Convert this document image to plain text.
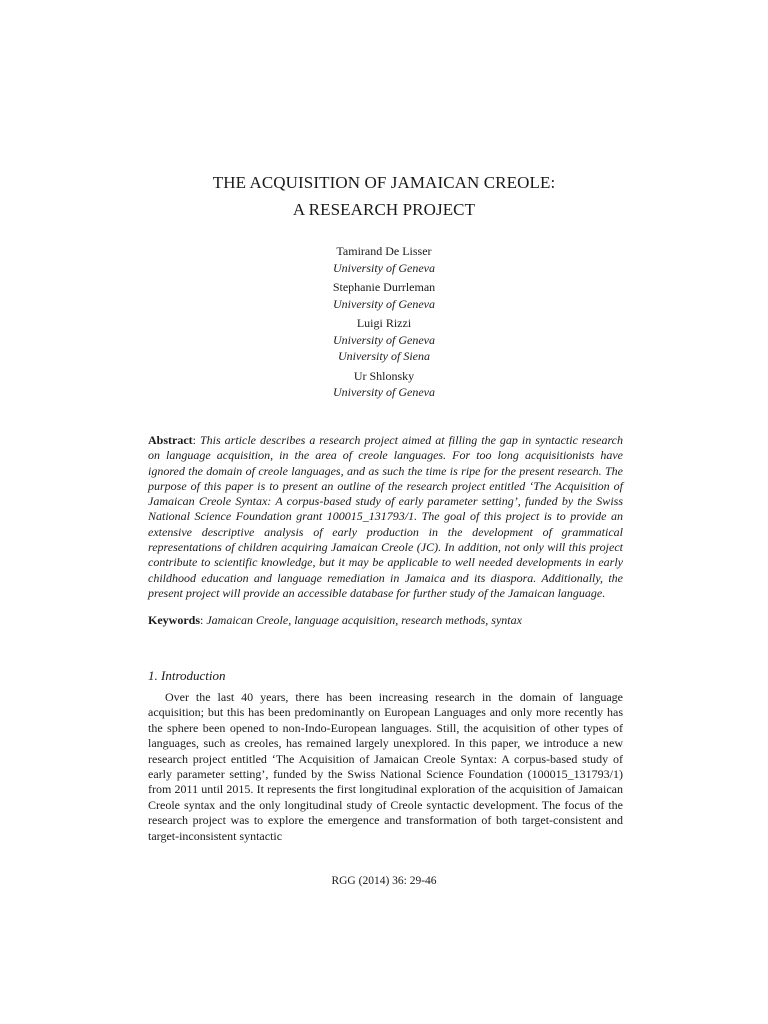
THE ACQUISITION OF JAMAICAN CREOLE:
A RESEARCH PROJECT
Tamirand De Lisser
University of Geneva
Stephanie Durrleman
University of Geneva
Luigi Rizzi
University of Geneva
University of Siena
Ur Shlonsky
University of Geneva
Abstract: This article describes a research project aimed at filling the gap in syntactic research on language acquisition, in the area of creole languages. For too long acquisitionists have ignored the domain of creole languages, and as such the time is ripe for the present research. The purpose of this paper is to present an outline of the research project entitled ‘The Acquisition of Jamaican Creole Syntax: A corpus-based study of early parameter setting’, funded by the Swiss National Science Foundation grant 100015_131793/1. The goal of this project is to provide an extensive descriptive analysis of early production in the development of grammatical representations of children acquiring Jamaican Creole (JC). In addition, not only will this project contribute to scientific knowledge, but it may be applicable to well needed developments in early childhood education and language remediation in Jamaica and its diaspora. Additionally, the present project will provide an accessible database for further study of the Jamaican language.
Keywords: Jamaican Creole, language acquisition, research methods, syntax
1. Introduction

Over the last 40 years, there has been increasing research in the domain of language acquisition; but this has been predominantly on European Languages and only more recently has the sphere been opened to non-Indo-European languages. Still, the acquisition of other types of languages, such as creoles, has remained largely unexplored. In this paper, we introduce a new research project entitled ‘The Acquisition of Jamaican Creole Syntax: A corpus-based study of early parameter setting’, funded by the Swiss National Science Foundation (100015_131793/1) from 2011 until 2015. It represents the first longitudinal exploration of the acquisition of Jamaican Creole syntax and the only longitudinal study of Creole syntactic development. The focus of the research project was to explore the emergence and transformation of both target-consistent and target-inconsistent syntactic

RGG (2014) 36: 29-46
